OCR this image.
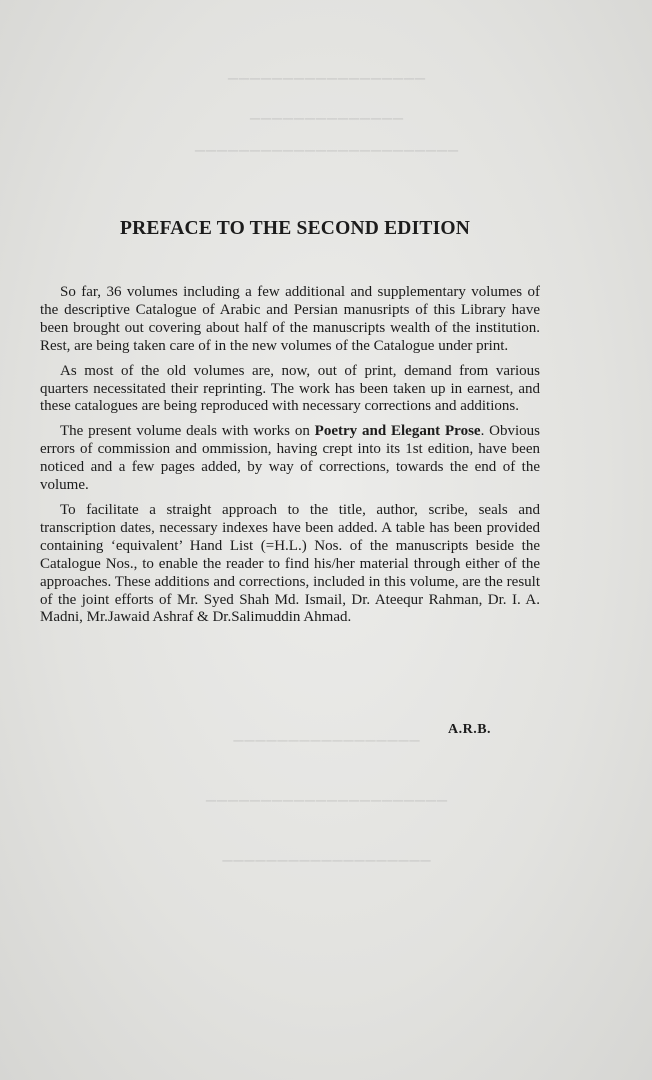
▔▔▔▔▔▔▔▔▔▔▔▔▔▔▔▔▔▔
▔▔▔▔▔▔▔▔▔▔▔▔▔▔
▔▔▔▔▔▔▔▔▔▔▔▔▔▔▔▔▔▔▔▔▔▔▔▔
▔▔▔▔▔▔▔▔▔▔▔▔▔▔▔▔▔
▔▔▔▔▔▔▔▔▔▔▔▔▔▔▔▔▔▔▔▔▔▔
▔▔▔▔▔▔▔▔▔▔▔▔▔▔▔▔▔▔▔
PREFACE TO THE SECOND EDITION

So far, 36 volumes including a few additional and supplementary volumes of the descriptive Catalogue of Arabic and Persian manusripts of this Library have been brought out covering about half of the manuscripts wealth of the institution. Rest, are being taken care of in the new volumes of the Catalogue under print.

As most of the old volumes are, now, out of print, demand from various quarters necessitated their reprinting. The work has been taken up in earnest, and these catalogues are being reproduced with necessary corrections and additions.

The present volume deals with works on Poetry and Elegant Prose. Obvious errors of commission and ommission, having crept into its 1st edition, have been noticed and a few pages added, by way of corrections, towards the end of the volume.

To facilitate a straight approach to the title, author, scribe, seals and transcription dates, necessary indexes have been added. A table has been provided containing ‘equivalent’ Hand List (=H.L.) Nos. of the manuscripts beside the Catalogue Nos., to enable the reader to find his/her material through either of the approaches. These additions and corrections, included in this volume, are the result of the joint efforts of Mr. Syed Shah Md. Ismail, Dr. Ateequr Rahman, Dr. I. A. Madni, Mr.Jawaid Ashraf & Dr.Salimuddin Ahmad.

A.R.B.
